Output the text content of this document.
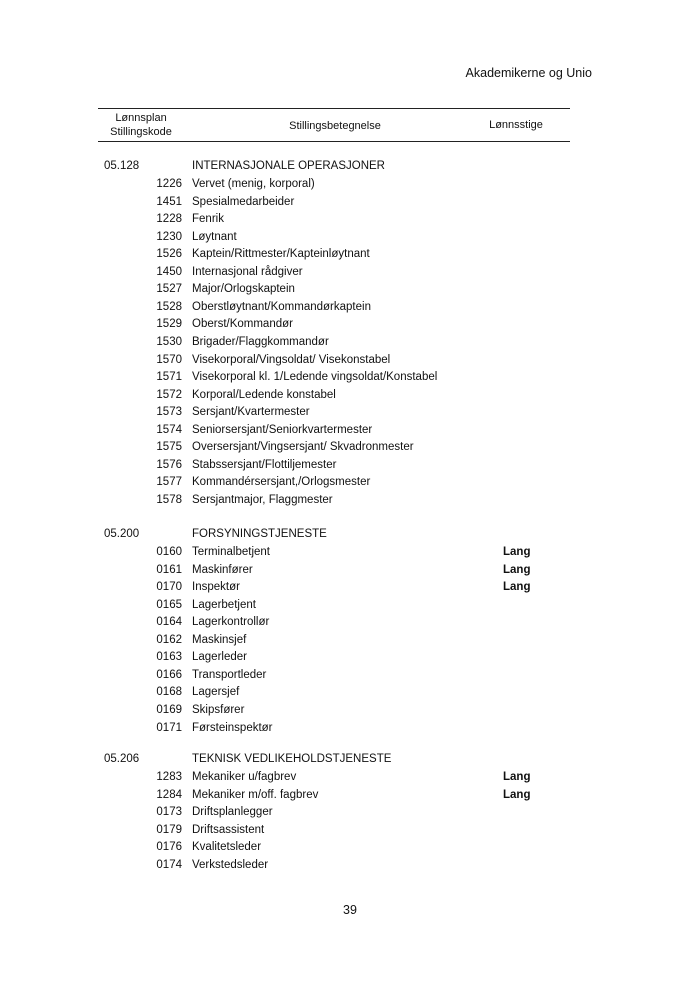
Akademikerne og Unio
Lønnsplan
Stillingskode	Stillingsbetegnelse	Lønnsstige
05.128	INTERNASJONALE OPERASJONER
1226 Vervet (menig, korporal)
1451 Spesialmedarbeider
1228 Fenrik
1230 Løytnant
1526 Kaptein/Rittmester/Kapteinløytnant
1450 Internasjonal rådgiver
1527 Major/Orlogskaptein
1528 Oberstløytnant/Kommandørkaptein
1529 Oberst/Kommandør
1530 Brigader/Flaggkommandør
1570 Visekorporal/Vingsoldat/ Visekonstabel
1571 Visekorporal kl. 1/Ledende vingsoldat/Konstabel
1572 Korporal/Ledende konstabel
1573 Sersjant/Kvartermester
1574 Seniorsersjant/Seniorkvartermester
1575 Oversersjant/Vingsersjant/ Skvadronmester
1576 Stabssersjant/Flottiljemester
1577 Kommandérsersjant,/Orlogsmester
1578 Sersjantmajor, Flaggmester
05.200	FORSYNINGSTJENESTE
0160 Terminalbetjent	Lang
0161 Maskinfører	Lang
0170 Inspektør	Lang
0165 Lagerbetjent
0164 Lagerkontrollør
0162 Maskinsjef
0163 Lagerleder
0166 Transportleder
0168 Lagersjef
0169 Skipsfører
0171 Førsteinspektør
05.206	TEKNISK VEDLIKEHOLDSTJENESTE
1283 Mekaniker u/fagbrev	Lang
1284 Mekaniker m/off. fagbrev	Lang
0173 Driftsplanlegger
0179 Driftsassistent
0176 Kvalitetsleder
0174 Verkstedsleder
39
